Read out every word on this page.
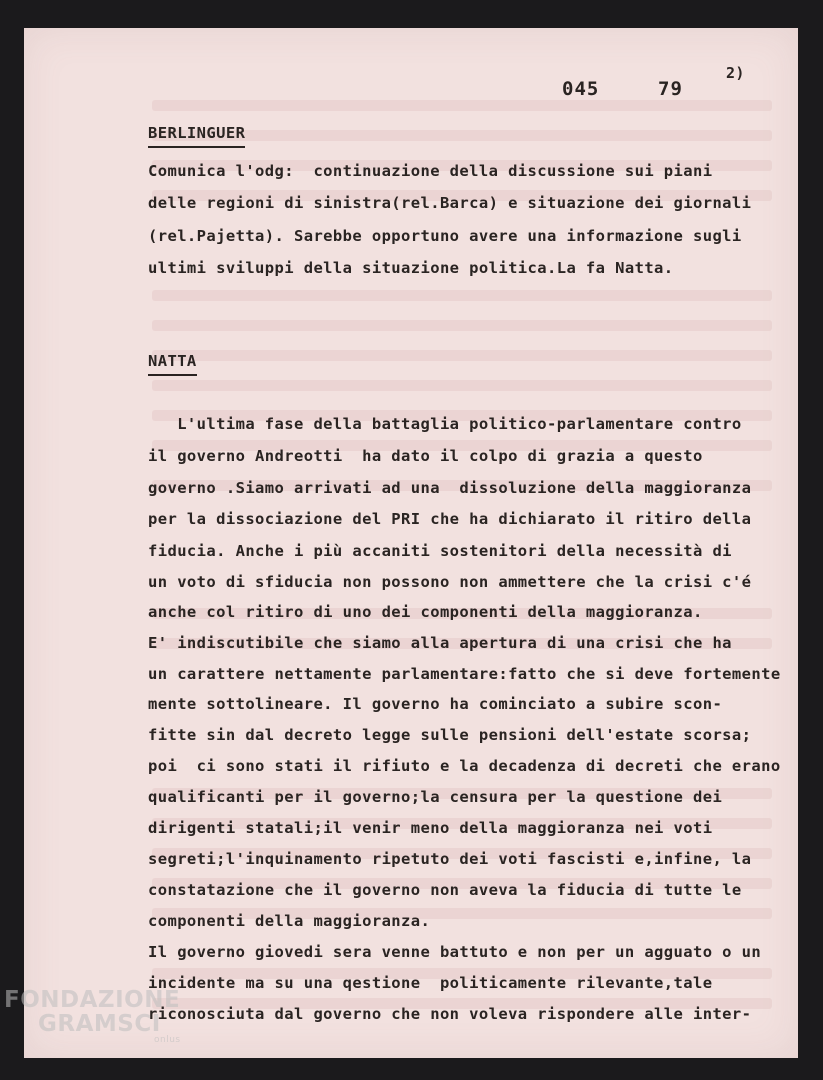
045	79
2)
BERLINGUER
Comunica l'odg:  continuazione della discussione sui piani
delle regioni di sinistra(rel.Barca) e situazione dei giornali
(rel.Pajetta). Sarebbe opportuno avere una informazione sugli
ultimi sviluppi della situazione politica.La fa Natta.
NATTA
L'ultima fase della battaglia politico-parlamentare contro
il governo Andreotti  ha dato il colpo di grazia a questo
governo .Siamo arrivati ad una  dissoluzione della maggioranza
per la dissociazione del PRI che ha dichiarato il ritiro della
fiducia. Anche i più accaniti sostenitori della necessità di
un voto di sfiducia non possono non ammettere che la crisi c'é
anche col ritiro di uno dei componenti della maggioranza.
E' indiscutibile che siamo alla apertura di una crisi che ha
un carattere nettamente parlamentare:fatto che si deve fortemente
mente sottolineare. Il governo ha cominciato a subire scon-
fitte sin dal decreto legge sulle pensioni dell'estate scorsa;
poi  ci sono stati il rifiuto e la decadenza di decreti che erano
qualificanti per il governo;la censura per la questione dei
dirigenti statali;il venir meno della maggioranza nei voti
segreti;l'inquinamento ripetuto dei voti fascisti e,infine, la
constatazione che il governo non aveva la fiducia di tutte le
componenti della maggioranza.
Il governo giovedi sera venne battuto e non per un agguato o un
incidente ma su una qestione  politicamente rilevante,tale
riconosciuta dal governo che non voleva rispondere alle inter-
FONDAZIONE
GRAMSCI
onlus
